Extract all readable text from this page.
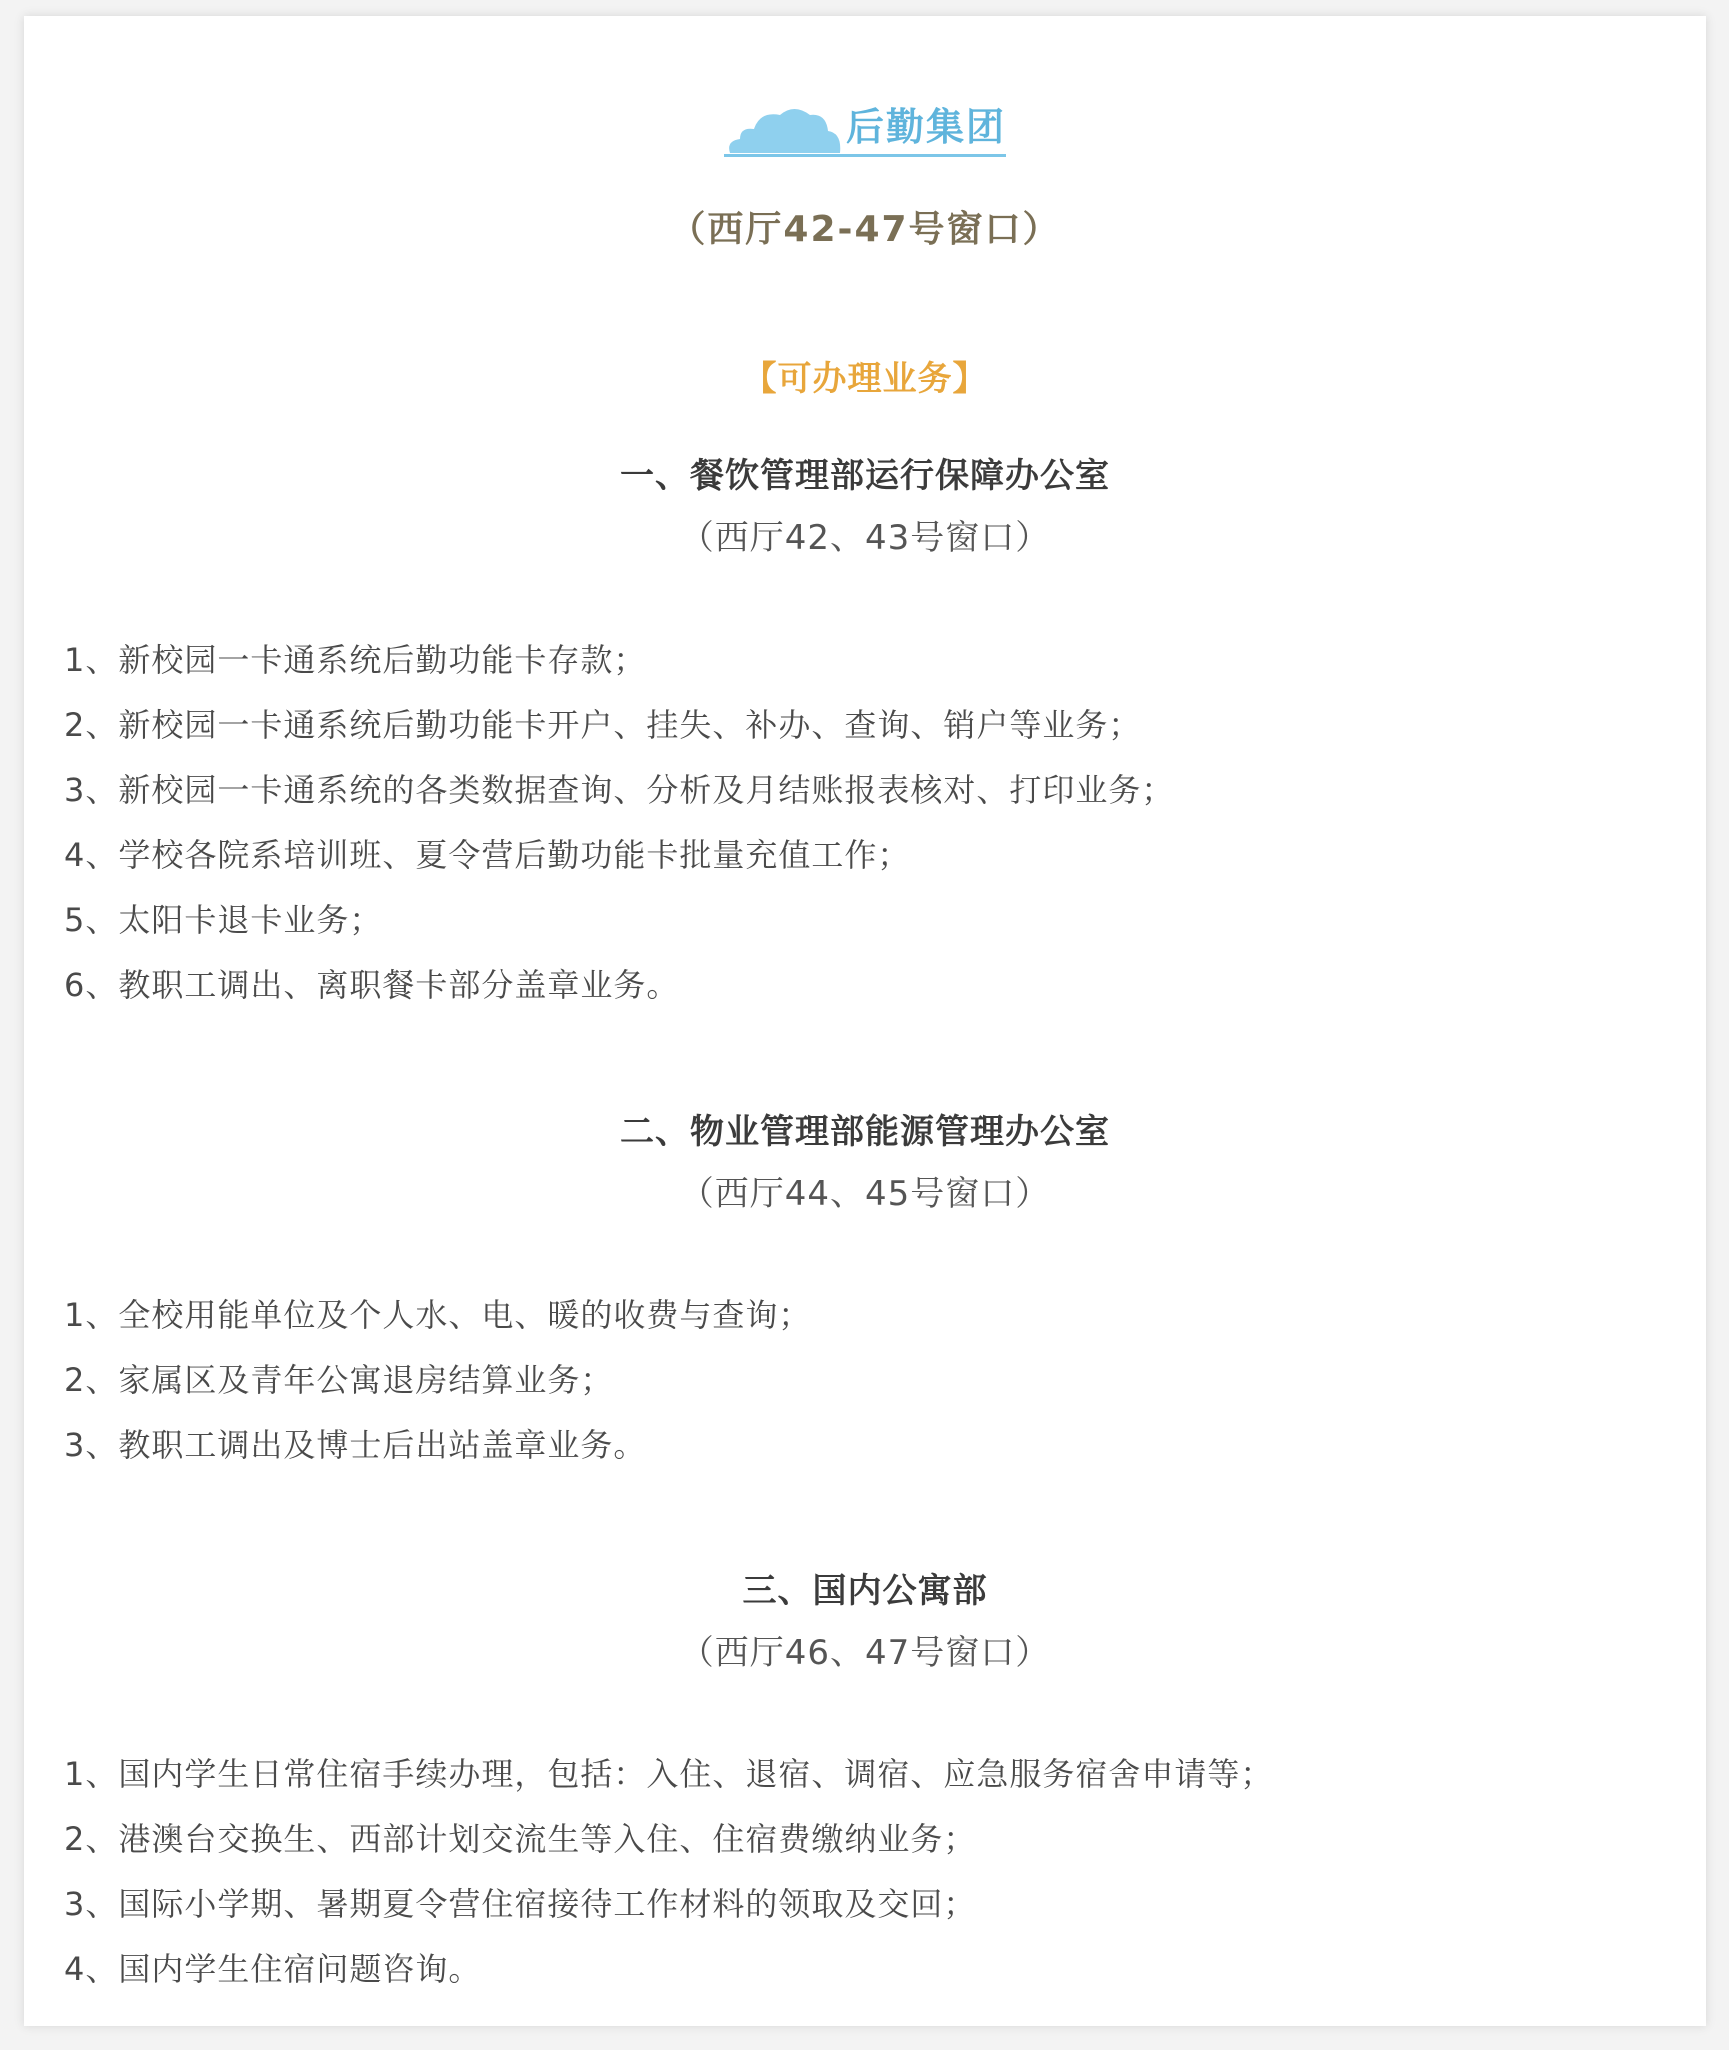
后勤集团
（西厅42-47号窗口）
【可办理业务】
一、餐饮管理部运行保障办公室
（西厅42、43号窗口）
1、新校园一卡通系统后勤功能卡存款；
2、新校园一卡通系统后勤功能卡开户、挂失、补办、查询、销户等业务；
3、新校园一卡通系统的各类数据查询、分析及月结账报表核对、打印业务；
4、学校各院系培训班、夏令营后勤功能卡批量充值工作；
5、太阳卡退卡业务；
6、教职工调出、离职餐卡部分盖章业务。
二、物业管理部能源管理办公室
（西厅44、45号窗口）
1、全校用能单位及个人水、电、暖的收费与查询；
2、家属区及青年公寓退房结算业务；
3、教职工调出及博士后出站盖章业务。
三、国内公寓部
（西厅46、47号窗口）
1、国内学生日常住宿手续办理，包括：入住、退宿、调宿、应急服务宿舍申请等；
2、港澳台交换生、西部计划交流生等入住、住宿费缴纳业务；
3、国际小学期、暑期夏令营住宿接待工作材料的领取及交回；
4、国内学生住宿问题咨询。
